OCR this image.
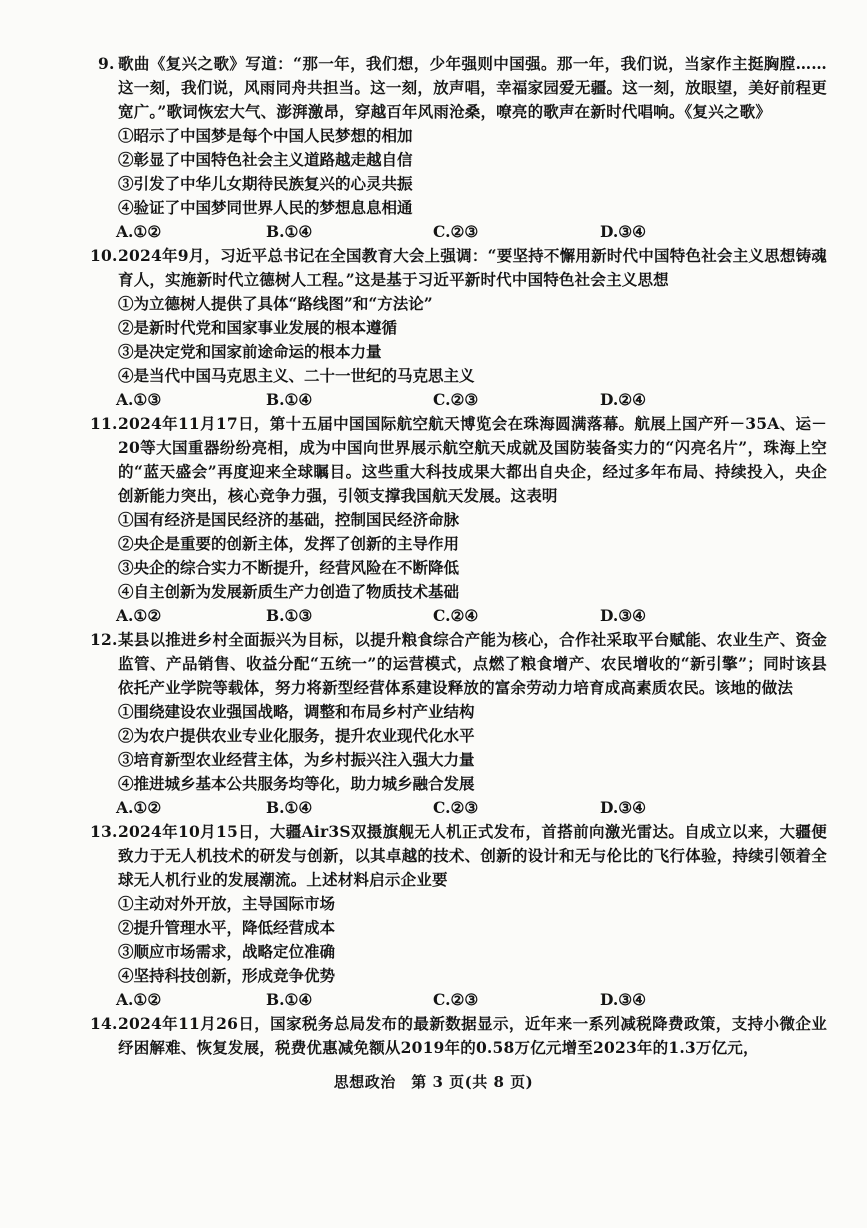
9. 歌曲《复兴之歌》写道：“那一年，我们想，少年强则中国强。那一年，我们说，当家作主挺胸膛……这一刻，我们说，风雨同舟共担当。这一刻，放声唱，幸福家园爱无疆。这一刻，放眼望，美好前程更宽广。”歌词恢宏大气、澎湃激昂，穿越百年风雨沧桑，嘹亮的歌声在新时代唱响。《复兴之歌》

①昭示了中国梦是每个中国人民梦想的相加

②彰显了中国特色社会主义道路越走越自信

③引发了中华儿女期待民族复兴的心灵共振

④验证了中国梦同世界人民的梦想息息相通

A.①②	B.①④	C.②③	D.③④

10. 2024年9月，习近平总书记在全国教育大会上强调：“要坚持不懈用新时代中国特色社会主义思想铸魂育人，实施新时代立德树人工程。”这是基于习近平新时代中国特色社会主义思想

①为立德树人提供了具体“路线图”和“方法论”

②是新时代党和国家事业发展的根本遵循

③是决定党和国家前途命运的根本力量

④是当代中国马克思主义、二十一世纪的马克思主义

A.①③	B.①④	C.②③	D.②④

11. 2024年11月17日，第十五届中国国际航空航天博览会在珠海圆满落幕。航展上国产歼－35A、运－20等大国重器纷纷亮相，成为中国向世界展示航空航天成就及国防装备实力的“闪亮名片”，珠海上空的“蓝天盛会”再度迎来全球瞩目。这些重大科技成果大都出自央企，经过多年布局、持续投入，央企创新能力突出，核心竞争力强，引领支撑我国航天发展。这表明

①国有经济是国民经济的基础，控制国民经济命脉

②央企是重要的创新主体，发挥了创新的主导作用

③央企的综合实力不断提升，经营风险在不断降低

④自主创新为发展新质生产力创造了物质技术基础

A.①②	B.①③	C.②④	D.③④

12. 某县以推进乡村全面振兴为目标，以提升粮食综合产能为核心，合作社采取平台赋能、农业生产、资金监管、产品销售、收益分配“五统一”的运营模式，点燃了粮食增产、农民增收的“新引擎”；同时该县依托产业学院等载体，努力将新型经营体系建设释放的富余劳动力培育成高素质农民。该地的做法

①围绕建设农业强国战略，调整和布局乡村产业结构

②为农户提供农业专业化服务，提升农业现代化水平

③培育新型农业经营主体，为乡村振兴注入强大力量

④推进城乡基本公共服务均等化，助力城乡融合发展

A.①②	B.①④	C.②③	D.③④

13. 2024年10月15日，大疆Air3S双摄旗舰无人机正式发布，首搭前向激光雷达。自成立以来，大疆便致力于无人机技术的研发与创新，以其卓越的技术、创新的设计和无与伦比的飞行体验，持续引领着全球无人机行业的发展潮流。上述材料启示企业要

①主动对外开放，主导国际市场

②提升管理水平，降低经营成本

③顺应市场需求，战略定位准确

④坚持科技创新，形成竞争优势

A.①②	B.①④	C.②③	D.③④

14. 2024年11月26日，国家税务总局发布的最新数据显示，近年来一系列减税降费政策，支持小微企业纾困解难、恢复发展，税费优惠减免额从2019年的0.58万亿元增至2023年的1.3万亿元，

思想政治　第 3 页(共 8 页)
